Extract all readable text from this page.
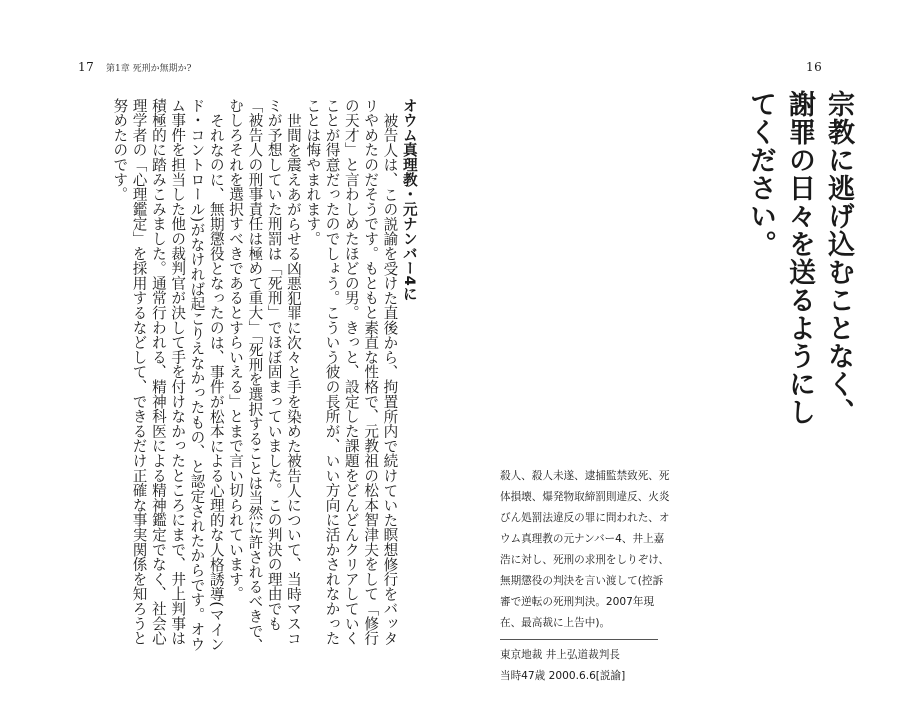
17 第1章 死刑か無期か?	16
宗教に逃げ込むことなく、謝罪の日々を送るようにしてください。
オウム真理教・元ナンバー4に
被告人は、この説諭を受けた直後から、拘置所内で続けていた瞑想修行をバッタリやめたのだそうです。もともと素直な性格で、元教祖の松本智津夫をして「修行の天才」と言わしめたほどの男。きっと、設定した課題をどんどんクリアしていくことが得意だったのでしょう。こういう彼の長所が、いい方向に活かされなかったことは悔やまれます。
世間を震えあがらせる凶悪犯罪に次々と手を染めた被告人について、当時マスコミが予想していた刑罰は「死刑」でほぼ固まっていました。この判決の理由でも「被告人の刑事責任は極めて重大」「死刑を選択することは当然に許されるべきで、むしろそれを選択すべきであるとすらいえる」とまで言い切られています。
それなのに、無期懲役となったのは、事件が松本による心理的な人格誘導(マインド・コントロール)がなければ起こりえなかったもの、と認定されたからです。オウム事件を担当した他の裁判官が決して手を付けなかったところにまで、井上判事は積極的に踏みこみました。通常行われる、精神科医による精神鑑定でなく、社会心理学者の「心理鑑定」を採用するなどして、できるだけ正確な事実関係を知ろうと努めたのです。
殺人、殺人未遂、逮捕監禁致死、死体損壊、爆発物取締罰則違反、火炎びん処罰法違反の罪に問われた、オウム真理教の元ナンバー4、井上嘉浩に対し、死刑の求刑をしりぞけ、無期懲役の判決を言い渡して(控訴審で逆転の死刑判決。2007年現在、最高裁に上告中)。
東京地裁 井上弘道裁判長
当時47歳 2000.6.6[説諭]
